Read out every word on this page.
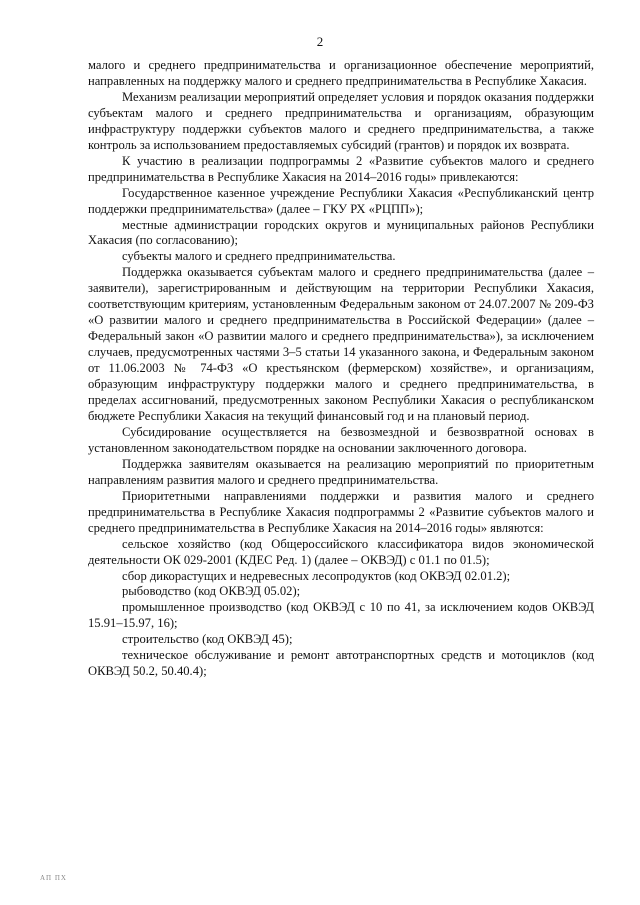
2

малого и среднего предпринимательства и организационное обеспечение мероприятий, направленных на поддержку малого и среднего предпринимательства в Республике Хакасия.

Механизм реализации мероприятий определяет условия и порядок оказания поддержки субъектам малого и среднего предпринимательства и организациям, образующим инфраструктуру поддержки субъектов малого и среднего предпринимательства, а также контроль за использованием предоставляемых субсидий (грантов) и порядок их возврата.

К участию в реализации подпрограммы 2 «Развитие субъектов малого и среднего предпринимательства в Республике Хакасия на 2014–2016 годы» привлекаются:

Государственное казенное учреждение Республики Хакасия «Республиканский центр поддержки предпринимательства» (далее – ГКУ РХ «РЦПП»);

местные администрации городских округов и муниципальных районов Республики Хакасия (по согласованию);

субъекты малого и среднего предпринимательства.

Поддержка оказывается субъектам малого и среднего предпринимательства (далее – заявители), зарегистрированным и действующим на территории Республики Хакасия, соответствующим критериям, установленным Федеральным законом от 24.07.2007 № 209-ФЗ «О развитии малого и среднего предпринимательства в Российской Федерации» (далее – Федеральный закон «О развитии малого и среднего предпринимательства»), за исключением случаев, предусмотренных частями 3–5 статьи 14 указанного закона, и Федеральным законом от 11.06.2003 № 74-ФЗ «О крестьянском (фермерском) хозяйстве», и организациям, образующим инфраструктуру поддержки малого и среднего предпринимательства, в пределах ассигнований, предусмотренных законом Республики Хакасия о республиканском бюджете Республики Хакасия на текущий финансовый год и на плановый период.

Субсидирование осуществляется на безвозмездной и безвозвратной основах в установленном законодательством порядке на основании заключенного договора.

Поддержка заявителям оказывается на реализацию мероприятий по приоритетным направлениям развития малого и среднего предпринимательства.

Приоритетными направлениями поддержки и развития малого и среднего предпринимательства в Республике Хакасия подпрограммы 2 «Развитие субъектов малого и среднего предпринимательства в Республике Хакасия на 2014–2016 годы» являются:

сельское хозяйство (код Общероссийского классификатора видов экономической деятельности ОК 029-2001 (КДЕС Ред. 1) (далее – ОКВЭД) с 01.1 по 01.5);

сбор дикорастущих и недревесных лесопродуктов (код ОКВЭД 02.01.2);

рыбоводство (код ОКВЭД 05.02);

промышленное производство (код ОКВЭД с 10 по 41, за исключением кодов ОКВЭД 15.91–15.97, 16);

строительство (код ОКВЭД 45);

техническое обслуживание и ремонт автотранспортных средств и мотоциклов (код ОКВЭД 50.2, 50.40.4);

АП ПХ
